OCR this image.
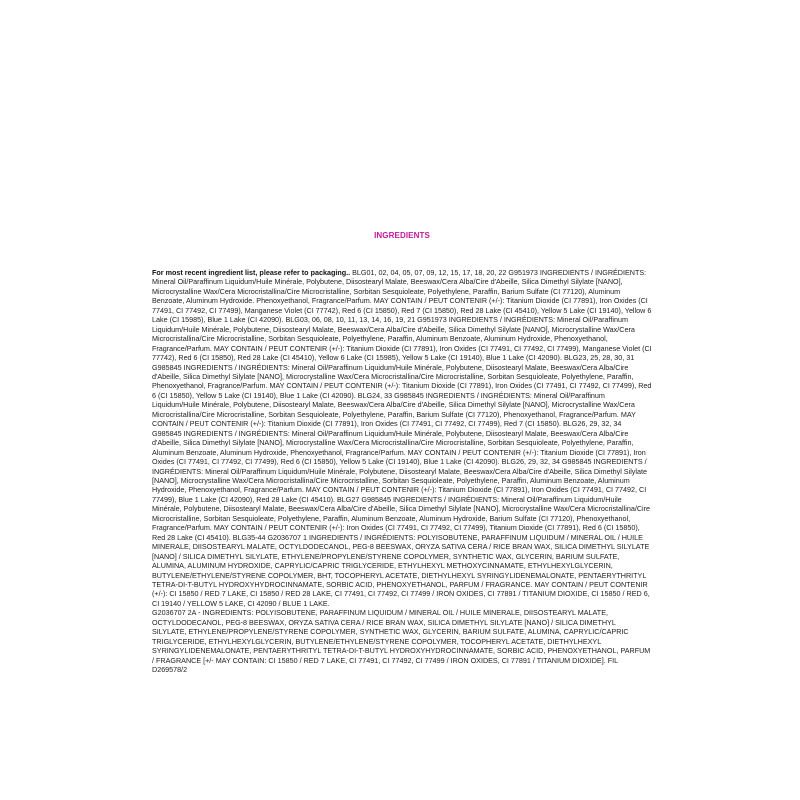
INGREDIENTS

For most recent ingredient list, please refer to packaging.. BLG01, 02, 04, 05, 07, 09, 12, 15, 17, 18, 20, 22 G951973 INGREDIENTS / INGRÉDIENTS: Mineral Oil/Paraffinum Liquidum/Huile Minérale, Polybutene, Diisostearyl Malate, Beeswax/Cera Alba/Cire d'Abeille, Silica Dimethyl Silylate [NANO], Microcrystalline Wax/Cera Microcristallina/Cire Microcristalline, Sorbitan Sesquioleate, Polyethylene, Paraffin, Barium Sulfate (CI 77120), Aluminum Benzoate, Aluminum Hydroxide. Phenoxyethanol, Fragrance/Parfum. MAY CONTAIN / PEUT CONTENIR (+/-): Titanium Dioxide (CI 77891), Iron Oxides (CI 77491, CI 77492, CI 77499), Manganese Violet (CI 77742), Red 6 (CI 15850), Red 7 (CI 15850), Red 28 Lake (CI 45410), Yellow 5 Lake (CI 19140), Yellow 6 Lake (CI 15985), Blue 1 Lake (CI 42090). BLG03, 06, 08, 10, 11, 13, 14, 16, 19, 21 G951973 INGREDIENTS / INGRÉDIENTS: Mineral Oil/Paraffinum Liquidum/Huile Minérale, Polybutene, Diisostearyl Malate, Beeswax/Cera Alba/Cire d'Abeille, Silica Dimethyl Silylate [NANO], Microcrystalline Wax/Cera Microcristallina/Cire Microcristalline, Sorbitan Sesquioleate, Polyethylene, Paraffin, Aluminum Benzoate, Aluminum Hydroxide, Phenoxyethanol, Fragrance/Parfum. MAY CONTAIN / PEUT CONTENIR (+/-): Titanium Dioxide (CI 77891), Iron Oxides (CI 77491, CI 77492, CI 77499), Manganese Violet (CI 77742), Red 6 (CI 15850), Red 28 Lake (CI 45410), Yellow 6 Lake (CI 15985), Yellow 5 Lake (CI 19140), Blue 1 Lake (CI 42090). BLG23, 25, 28, 30, 31 G985845 INGREDIENTS / INGRÉDIENTS: Mineral Oil/Paraffinum Liquidum/Huile Minérale, Polybutene, Diisostearyl Malate, Beeswax/Cera Alba/Cire d'Abeille, Silica Dimethyl Silylate [NANO], Microcrystalline Wax/Cera Microcristallina/Cire Microcristalline, Sorbitan Sesquioleate, Polyethylene, Paraffin, Phenoxyethanol, Fragrance/Parfum. MAY CONTAIN / PEUT CONTENIR (+/-): Titanium Dioxide (CI 77891), Iron Oxides (CI 77491, CI 77492, CI 77499), Red 6 (CI 15850), Yellow 5 Lake (CI 19140), Blue 1 Lake (CI 42090). BLG24, 33 G985845 INGREDIENTS / INGRÉDIENTS: Mineral Oil/Paraffinum Liquidum/Huile Minérale, Polybutene, Diisostearyl Malate, Beeswax/Cera Alba/Cire d'Abeille, Silica Dimethyl Silylate [NANO], Microcrystalline Wax/Cera Microcristallina/Cire Microcristalline, Sorbitan Sesquioleate, Polyethylene, Paraffin, Barium Sulfate (CI 77120), Phenoxyethanol, Fragrance/Parfum. MAY CONTAIN / PEUT CONTENIR (+/-): Titanium Dioxide (CI 77891), Iron Oxides (CI 77491, CI 77492, CI 77499), Red 7 (CI 15850). BLG26, 29, 32, 34 G985845 INGREDIENTS / INGRÉDIENTS: Mineral Oil/Paraffinum Liquidum/Huile Minérale, Polybutene, Diisostearyl Malate, Beeswax/Cera Alba/Cire d'Abeille, Silica Dimethyl Silylate [NANO], Microcrystalline Wax/Cera Microcristallina/Cire Microcristalline, Sorbitan Sesquioleate, Polyethylene, Paraffin, Aluminum Benzoate, Aluminum Hydroxide, Phenoxyethanol, Fragrance/Parfum. MAY CONTAIN / PEUT CONTENIR (+/-): Titanium Dioxide (CI 77891), Iron Oxides (CI 77491, CI 77492, CI 77499), Red 6 (CI 15850), Yellow 5 Lake (CI 19140), Blue 1 Lake (CI 42090). BLG26, 29, 32, 34 G985845 INGREDIENTS / INGRÉDIENTS: Mineral Oil/Paraffinum Liquidum/Huile Minérale, Polybutene, Diisostearyl Malate, Beeswax/Cera Alba/Cire d'Abeille, Silica Dimethyl Silylate [NANO], Microcrystalline Wax/Cera Microcristallina/Cire Microcristalline, Sorbitan Sesquioleate, Polyethylene, Paraffin, Aluminum Benzoate, Aluminum Hydroxide, Phenoxyethanol, Fragrance/Parfum. MAY CONTAIN / PEUT CONTENIR (+/-): Titanium Dioxide (CI 77891), Iron Oxides (CI 77491, CI 77492, CI 77499), Blue 1 Lake (CI 42090), Red 28 Lake (CI 45410). BLG27 G985845 INGREDIENTS / INGRÉDIENTS: Mineral Oil/Paraffinum Liquidum/Huile Minérale, Polybutene, Diisostearyl Malate, Beeswax/Cera Alba/Cire d'Abeille, Silica Dimethyl Silylate [NANO], Microcrystalline Wax/Cera Microcristallina/Cire Microcristalline, Sorbitan Sesquioleate, Polyethylene, Paraffin, Aluminum Benzoate, Aluminum Hydroxide, Barium Sulfate (CI 77120), Phenoxyethanol, Fragrance/Parfum. MAY CONTAIN / PEUT CONTENIR (+/-): Iron Oxides (CI 77491, CI 77492, CI 77499), Titanium Dioxide (CI 77891), Red 6 (CI 15850), Red 28 Lake (CI 45410). BLG35-44 G2036707 1 INGREDIENTS / INGRÉDIENTS: POLYISOBUTENE, PARAFFINUM LIQUIDUM / MINERAL OIL / HUILE MINERALE, DIISOSTEARYL MALATE, OCTYLDODECANOL, PEG-8 BEESWAX, ORYZA SATIVA CERA / RICE BRAN WAX, SILICA DIMETHYL SILYLATE [NANO] / SILICA DIMETHYL SILYLATE, ETHYLENE/PROPYLENE/STYRENE COPOLYMER, SYNTHETIC WAX, GLYCERIN, BARIUM SULFATE, ALUMINA, ALUMINUM HYDROXIDE, CAPRYLIC/CAPRIC TRIGLYCERIDE, ETHYLHEXYL METHOXYCINNAMATE, ETHYLHEXYLGLYCERIN, BUTYLENE/ETHYLENE/STYRENE COPOLYMER, BHT, TOCOPHERYL ACETATE, DIETHYLHEXYL SYRINGYLIDENEMALONATE, PENTAERYTHRITYL TETRA-DI-T-BUTYL HYDROXYHYDROCINNAMATE, SORBIC ACID, PHENOXYETHANOL, PARFUM / FRAGRANCE. MAY CONTAIN / PEUT CONTENIR (+/-): CI 15850 / RED 7 LAKE, CI 15850 / RED 28 LAKE, CI 77491, CI 77492, CI 77499 / IRON OXIDES, CI 77891 / TITANIUM DIOXIDE, CI 15850 / RED 6, CI 19140 / YELLOW 5 LAKE, CI 42090 / BLUE 1 LAKE.
G2036707 2A - INGREDIENTS: POLYISOBUTENE, PARAFFINUM LIQUIDUM / MINERAL OIL / HUILE MINERALE, DIISOSTEARYL MALATE, OCTYLDODECANOL, PEG-8 BEESWAX, ORYZA SATIVA CERA / RICE BRAN WAX, SILICA DIMETHYL SILYLATE [NANO] / SILICA DIMETHYL SILYLATE, ETHYLENE/PROPYLENE/STYRENE COPOLYMER, SYNTHETIC WAX, GLYCERIN, BARIUM SULFATE, ALUMINA, CAPRYLIC/CAPRIC TRIGLYCERIDE, ETHYLHEXYLGLYCERIN, BUTYLENE/ETHYLENE/STYRENE COPOLYMER, TOCOPHERYL ACETATE, DIETHYLHEXYL SYRINGYLIDENEMALONATE, PENTAERYTHRITYL TETRA-DI-T-BUTYL HYDROXYHYDROCINNAMATE, SORBIC ACID, PHENOXYETHANOL, PARFUM / FRAGRANCE [+/- MAY CONTAIN: CI 15850 / RED 7 LAKE, CI 77491, CI 77492, CI 77499 / IRON OXIDES, CI 77891 / TITANIUM DIOXIDE]. FIL D269578/2
